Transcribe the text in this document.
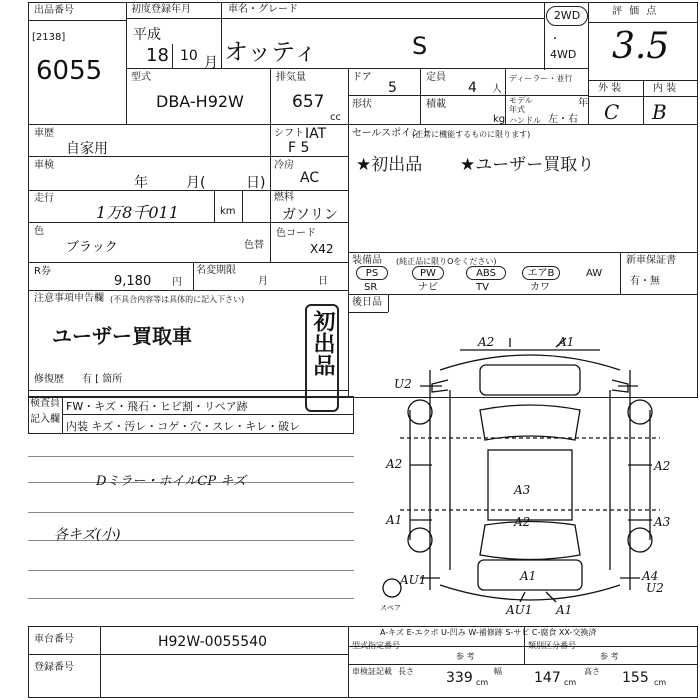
出品番号
[2138]
6055
初度登録年月
平成
18 10 月
車名・グレード
オッティ	S
2WD
・
4WD
評 価 点
3.5
外 装	内 装
C B
型式
DBA-H92W
排気量
657
cc
ドア
5
定員
4 人
ディーラー・並行
形状	積載
kg
モデル年式
年
ハンドル 左・右
車歴
自家用
シフト IAT
F 5
車検
年	月(	日)
冷房
AC
走行
1万8千011	km
燃料
ガソリン
色
ブラック	色替
色コード
X42
R券
9,180 円
名変期限
月	日
注意事項申告欄 (不具合内容等は具体的に記入下さい)
ユーザー買取車	初出品
修復歴 有 [ 箇所
検査員
記入欄
FW・キズ・飛石・ヒビ割・リペア跡
内装 キズ・汚レ・コゲ・穴・スレ・キレ・破レ
Dミラー・ホイルCP キズ
各キズ(小)
セールスポイント
(正常に機能するものに限ります)
★初出品 ★ユーザー買取り
装備品 (純正品に限りOをください)
PS	PW	ABS	エアB	AW
SR	ナビ	TV	カワ
新車保証書
有・無
後日品
A2	A1
U2
A2	A2
A3
A1	A2	A3
A1
AU1	A4
U2
AU1 A1
スペア
A-キズ E-エクボ U-凹み W-補修跡 S-サビ C-腐食 XX-交換済
車台番号	H92W-0055540
登録番号
型式指定番号
参 考
類別区分番号
参 考
車検証記載 長さ 339 cm
幅 147 cm
高さ 155 cm
